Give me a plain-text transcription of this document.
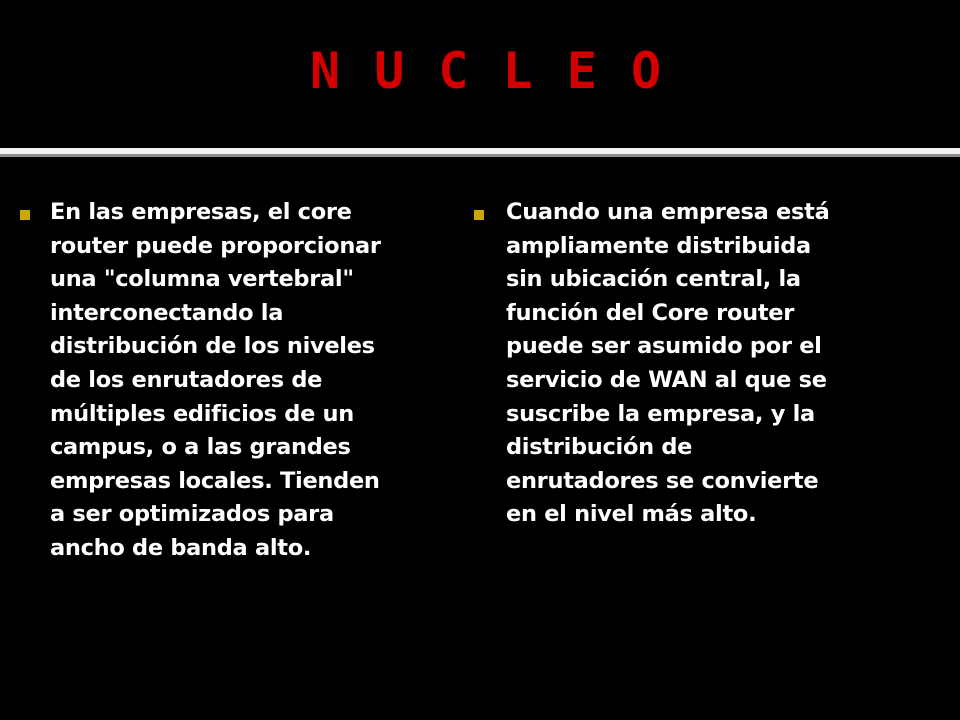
N U C L E O

En las empresas, el core
router puede proporcionar
una "columna vertebral"
interconectando la
distribución de los niveles
de los enrutadores de
múltiples edificios de un
campus, o a las grandes
empresas locales. Tienden
a ser optimizados para
ancho de banda alto.

Cuando una empresa está
ampliamente distribuida
sin ubicación central, la
función del Core router
puede ser asumido por el
servicio de WAN al que se
suscribe la empresa, y la
distribución de
enrutadores se convierte
en el nivel más alto.
